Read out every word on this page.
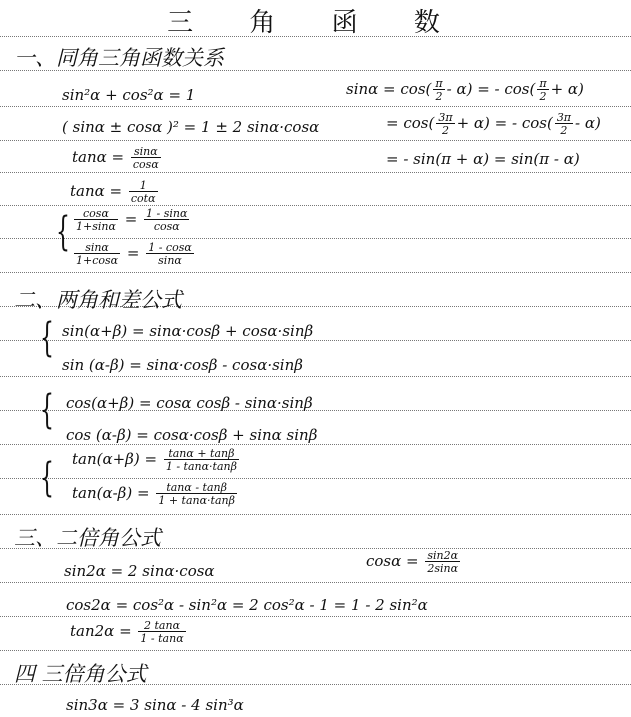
三 角 函 数
一、同角三角函数关系
sin²α + cos²α = 1
( sinα ± cosα )² = 1 ± 2 sinα·cosα
$\tan\alpha = \frac{\sin\alpha}{\cos\alpha}$
$\tan\alpha = \frac{1}{\cot\alpha}$
{ $\frac{\cos\alpha}{1+\sin\alpha} = \frac{1 - \sin\alpha}{\cos\alpha}$
$\frac{\sin\alpha}{1+\cos\alpha} = \frac{1 - \cos\alpha}{\sin\alpha}$
$\sin\alpha = \cos( \frac{\pi}{2} - \alpha)$ = - $\cos( \frac{\pi}{2} + \alpha)$
= $\cos( \frac{3\pi}{2} + \alpha)$ = - $\cos( \frac{3\pi}{2} - \alpha)$
= - sin(π + α) = sin(π - α)
二、两角和差公式
{ sin(α+β) = sinα·cosβ + cosα·sinβ
sin (α-β) = sinα·cosβ - cosα·sinβ
{ cos(α+β) = cosα cosβ - sinα·sinβ
cos (α-β) = cosα·cosβ + sinα sinβ
{ $\tan(\alpha+\beta) = \frac{\tan\alpha + \tan\beta}{1 - \tan\alpha\cdot\tan\beta}$
$\tan(\alpha-\beta) = \frac{\tan\alpha - \tan\beta}{1 + \tan\alpha\cdot\tan\beta}$
三、二倍角公式
sin2α = 2 sinα·cosα
$\cos\alpha = \frac{\sin 2\alpha}{2\sin\alpha}$
cos2α = cos²α - sin²α = 2 cos²α - 1 = 1 - 2 sin²α
$\tan 2\alpha = \frac{2 \tan\alpha}{1 - \tan\alpha}$
四 三倍角公式
sin3α = 3 sinα - 4 sin³α
